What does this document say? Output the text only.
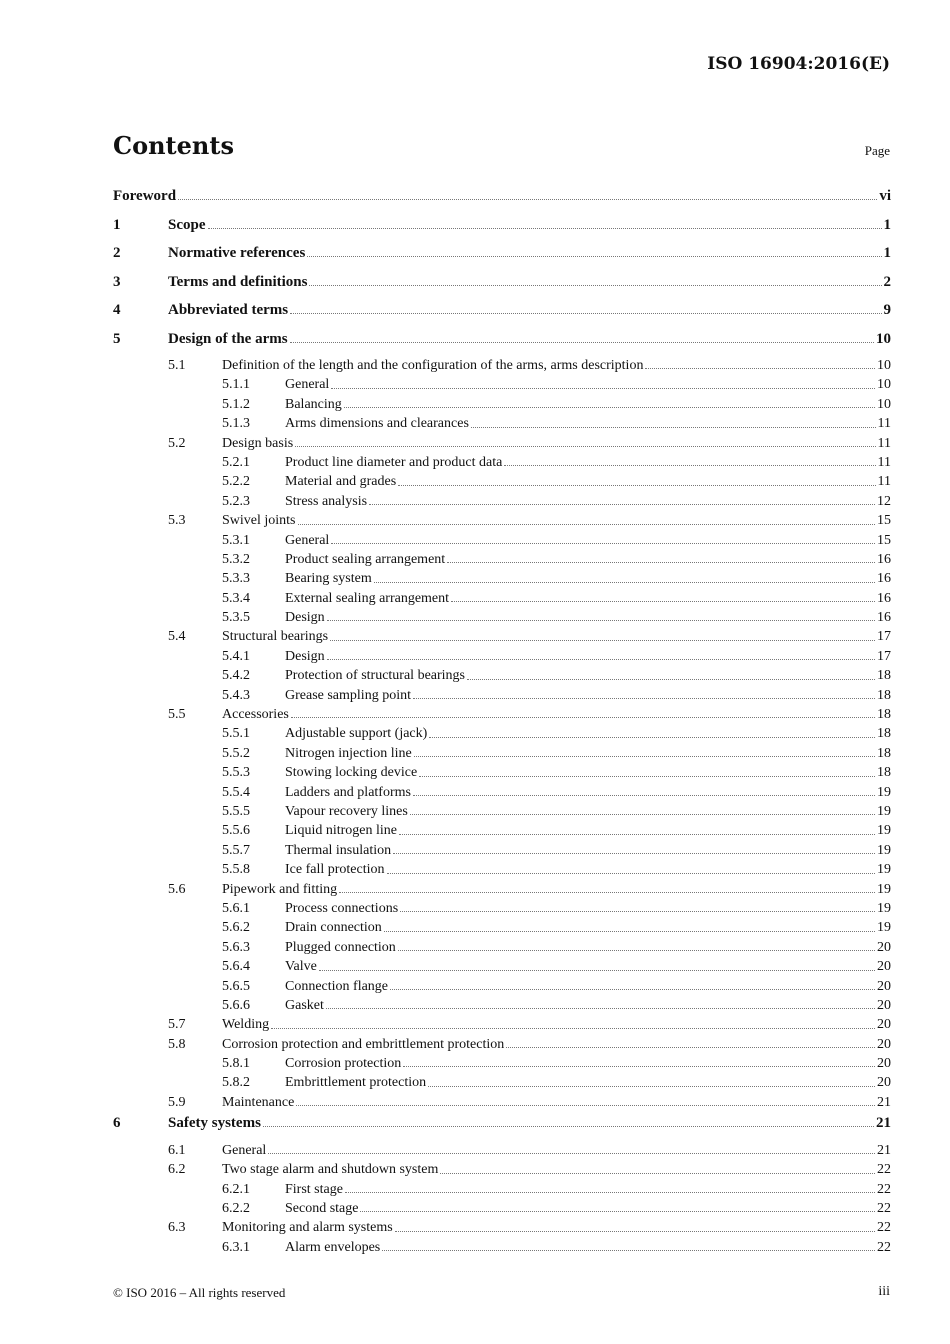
ISO 16904:2016(E)
Contents	Page
Foreword	vi
1	Scope	1
2	Normative references	1
3	Terms and definitions	2
4	Abbreviated terms	9
5	Design of the arms	10
5.1	Definition of the length and the configuration of the arms, arms description	10
5.1.1	General	10
5.1.2	Balancing	10
5.1.3	Arms dimensions and clearances	11
5.2	Design basis	11
5.2.1	Product line diameter and product data	11
5.2.2	Material and grades	11
5.2.3	Stress analysis	12
5.3	Swivel joints	15
5.3.1	General	15
5.3.2	Product sealing arrangement	16
5.3.3	Bearing system	16
5.3.4	External sealing arrangement	16
5.3.5	Design	16
5.4	Structural bearings	17
5.4.1	Design	17
5.4.2	Protection of structural bearings	18
5.4.3	Grease sampling point	18
5.5	Accessories	18
5.5.1	Adjustable support (jack)	18
5.5.2	Nitrogen injection line	18
5.5.3	Stowing locking device	18
5.5.4	Ladders and platforms	19
5.5.5	Vapour recovery lines	19
5.5.6	Liquid nitrogen line	19
5.5.7	Thermal insulation	19
5.5.8	Ice fall protection	19
5.6	Pipework and fitting	19
5.6.1	Process connections	19
5.6.2	Drain connection	19
5.6.3	Plugged connection	20
5.6.4	Valve	20
5.6.5	Connection flange	20
5.6.6	Gasket	20
5.7	Welding	20
5.8	Corrosion protection and embrittlement protection	20
5.8.1	Corrosion protection	20
5.8.2	Embrittlement protection	20
5.9	Maintenance	21
6	Safety systems	21
6.1	General	21
6.2	Two stage alarm and shutdown system	22
6.2.1	First stage	22
6.2.2	Second stage	22
6.3	Monitoring and alarm systems	22
6.3.1	Alarm envelopes	22
© ISO 2016 – All rights reserved	iii
